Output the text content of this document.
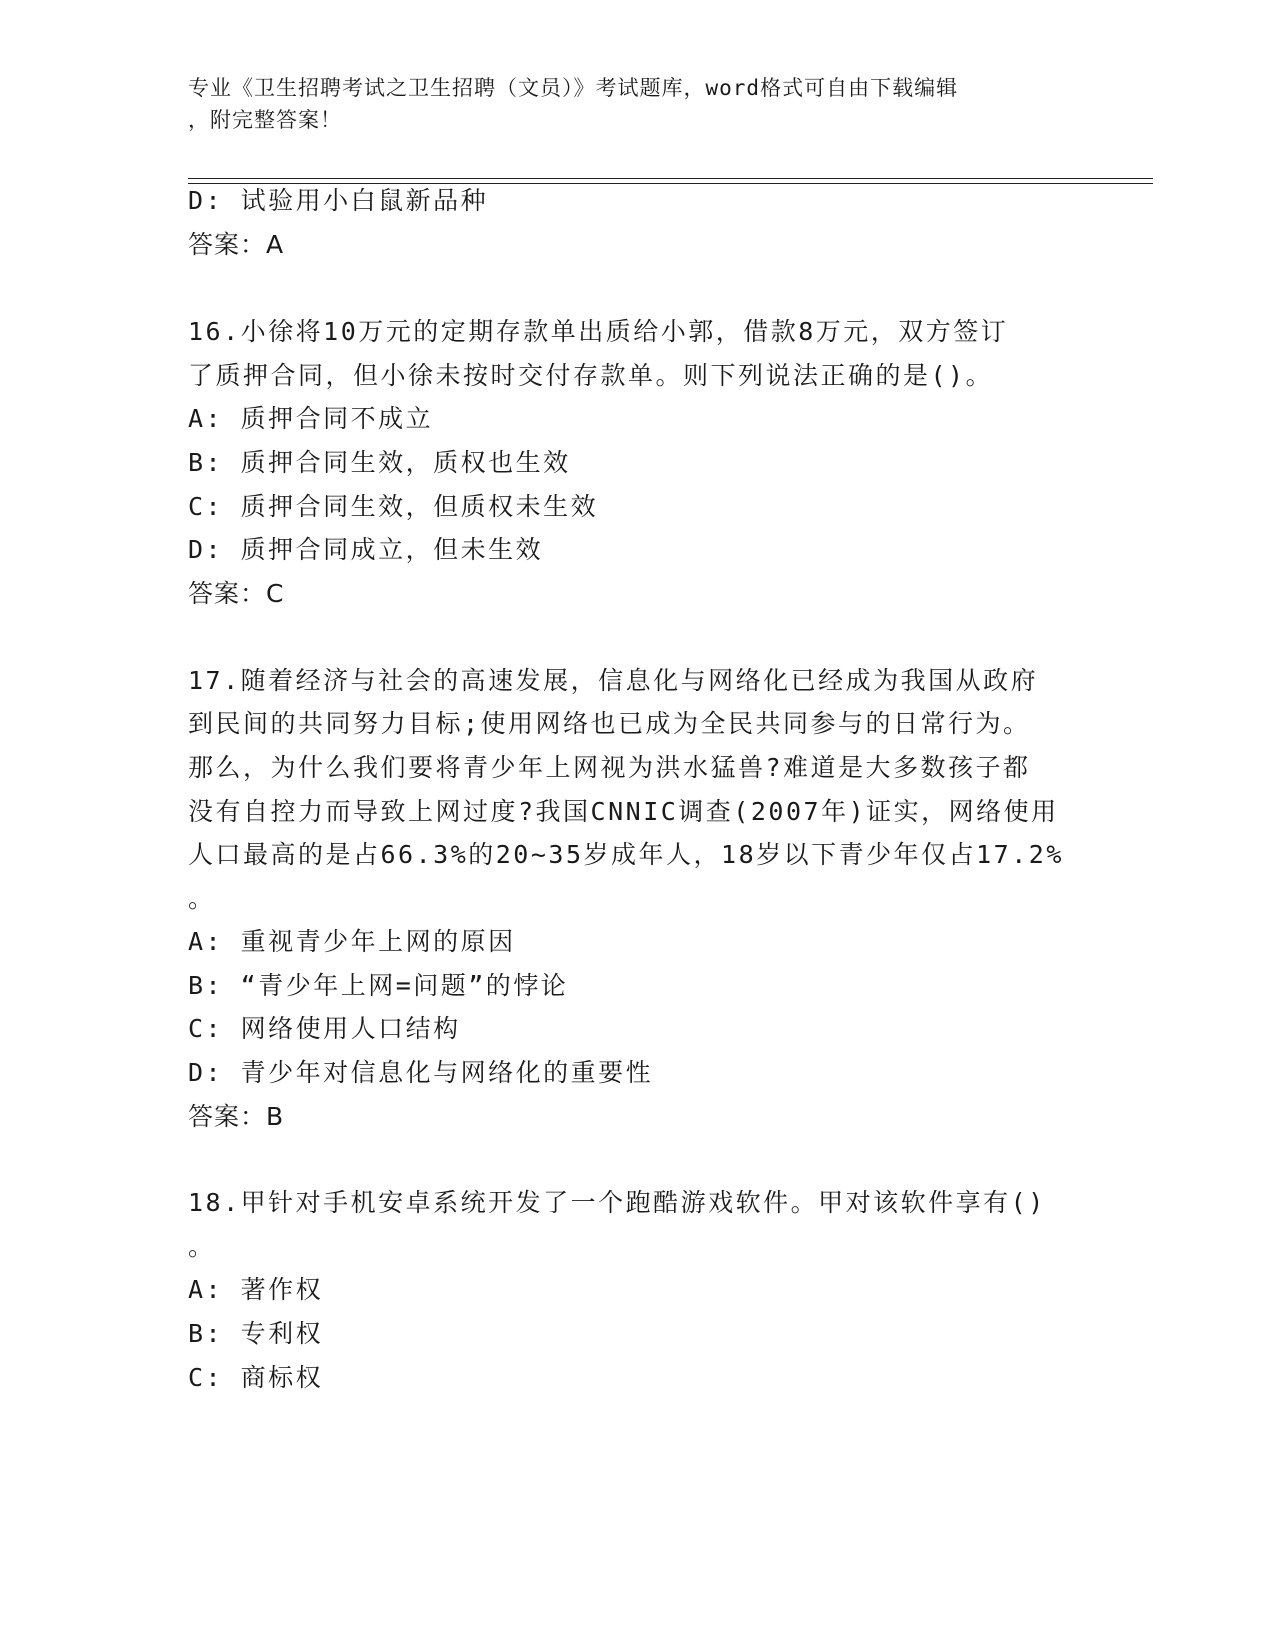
专业《卫生招聘考试之卫生招聘（文员）》考试题库，word格式可自由下载编辑
，附完整答案！
D: 试验用小白鼠新品种
答案：A
16.小徐将10万元的定期存款单出质给小郭，借款8万元，双方签订
了质押合同，但小徐未按时交付存款单。则下列说法正确的是()。
A: 质押合同不成立
B: 质押合同生效，质权也生效
C: 质押合同生效，但质权未生效
D: 质押合同成立，但未生效
答案：C
17.随着经济与社会的高速发展，信息化与网络化已经成为我国从政府
到民间的共同努力目标;使用网络也已成为全民共同参与的日常行为。
那么，为什么我们要将青少年上网视为洪水猛兽?难道是大多数孩子都
没有自控力而导致上网过度?我国CNNIC调查(2007年)证实，网络使用
人口最高的是占66.3%的20~35岁成年人，18岁以下青少年仅占17.2%
。
A: 重视青少年上网的原因
B: “青少年上网=问题”的悖论
C: 网络使用人口结构
D: 青少年对信息化与网络化的重要性
答案：B
18.甲针对手机安卓系统开发了一个跑酷游戏软件。甲对该软件享有()
。
A: 著作权
B: 专利权
C: 商标权
